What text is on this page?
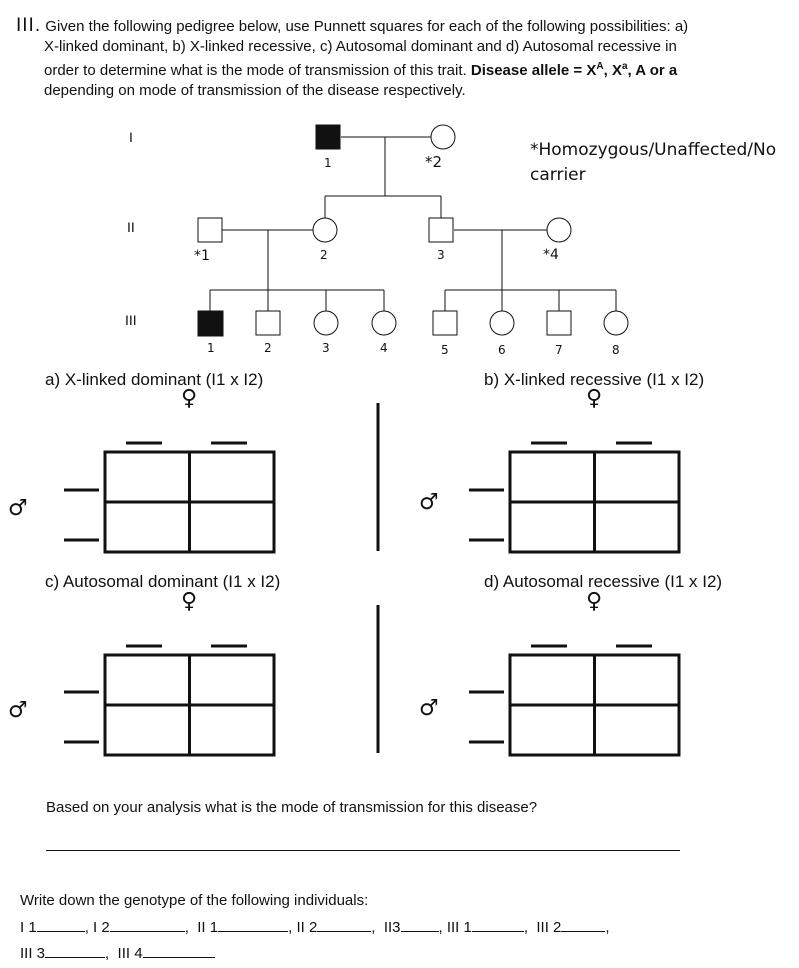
III. Given the following pedigree below, use Punnett squares for each of the following possibilities: a)
X-linked dominant, b) X-linked recessive, c) Autosomal dominant and d) Autosomal recessive in
order to determine what is the mode of transmission of this trait. Disease allele = $X^A$, $X^a$, A or a
depending on mode of transmission of the disease respectively.
I
II
III
1	*2
*1	2	3	*4
1	2	3	4	5	6	7	8
*Homozygous/Unaffected/No
carrier
a) X-linked dominant (I1 x I2)	b) X-linked recessive (I1 x I2)
c) Autosomal dominant (I1 x I2)	d) Autosomal recessive (I1 x I2)
♀	♀
♀	♀
♂	♂
♂	♂
Based on your analysis what is the mode of transmission for this disease?
Write down the genotype of the following individuals:
I 1	, I 2	,  II 1	, II 2	,  II3	, III 1	,  III 2	,
III 3	,  III 4
